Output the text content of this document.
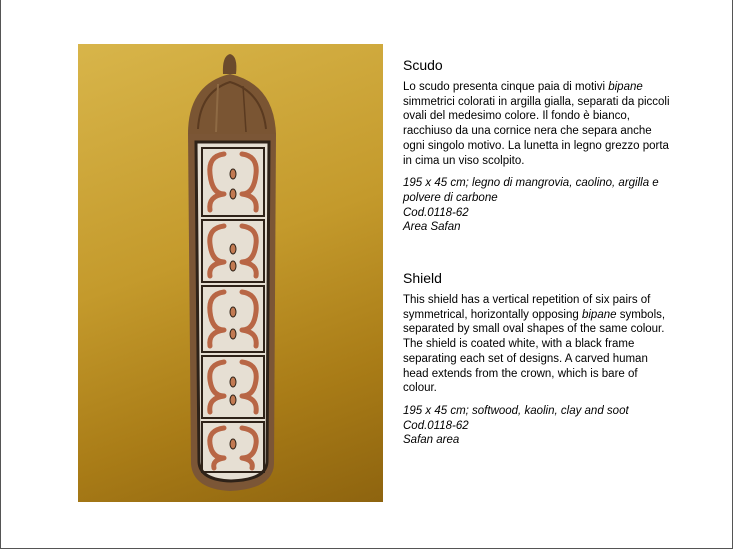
Scudo

Lo scudo presenta cinque paia di motivi bipane simmetrici colorati in argilla gialla, separati da piccoli ovali del medesimo colore. Il fondo è bianco, racchiuso da una cornice nera che separa anche ogni singolo motivo. La lunetta in legno grezzo porta in cima un viso scolpito.

195 x 45 cm; legno di mangrovia, caolino, argilla e polvere di carbone
Cod.0118-62
Area Safan
Shield

This shield has a vertical repetition of six pairs of symmetrical, horizontally opposing bipane symbols, separated by small oval shapes of the same colour. The shield is coated white, with a black frame separating each set of designs. A carved human head extends from the crown, which is bare of colour.

195 x 45 cm; softwood, kaolin, clay and soot
Cod.0118-62
Safan area
